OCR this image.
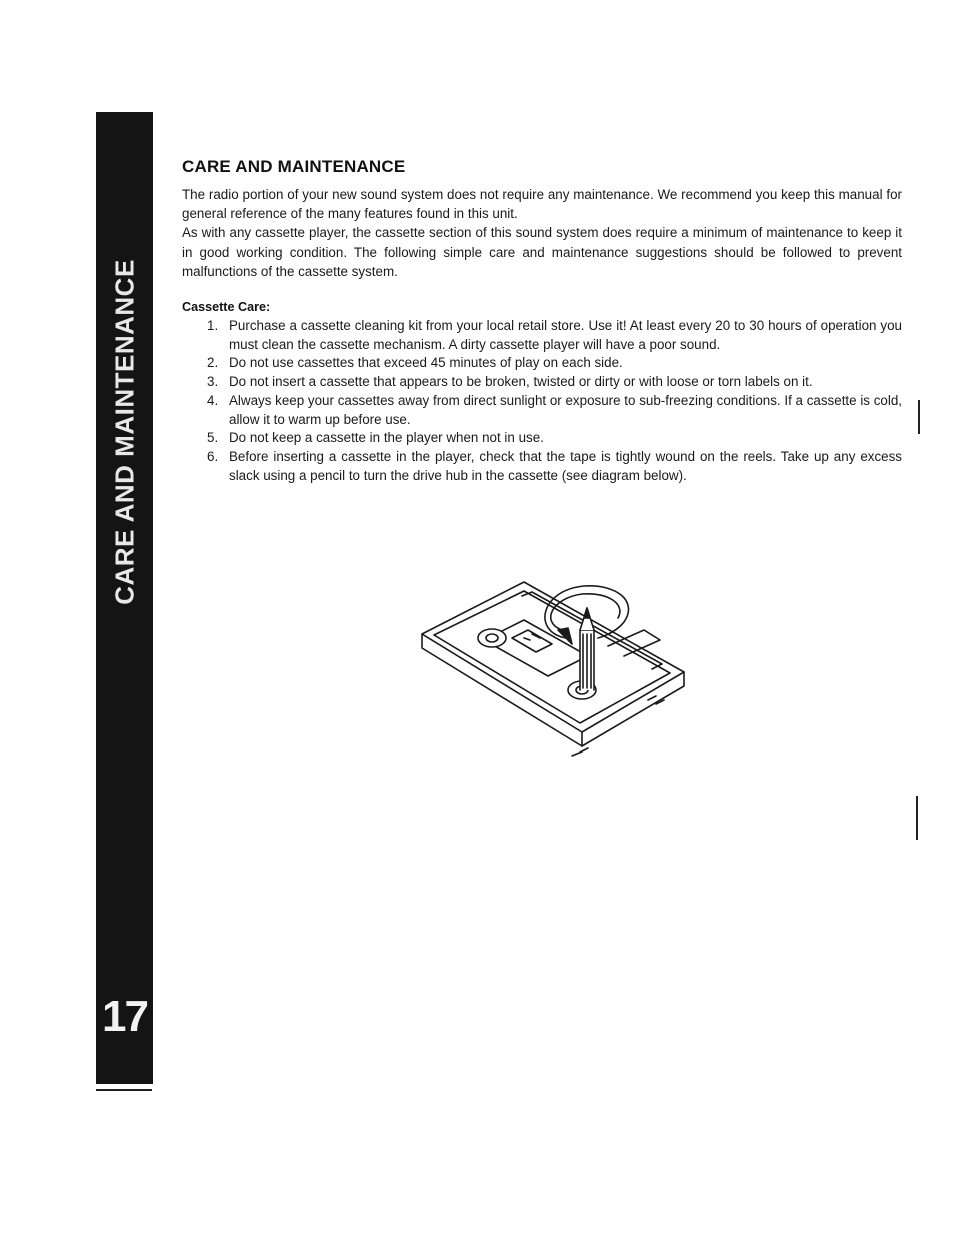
CARE AND MAINTENANCE
17
CARE AND MAINTENANCE

The radio portion of your new sound system does not require any maintenance. We recommend you keep this manual for general reference of the many features found in this unit.

As with any cassette player, the cassette section of this sound system does require a minimum of maintenance to keep it in good working condition. The following simple care and maintenance suggestions should be followed to prevent malfunctions of the cassette system.

Cassette Care:
1. Purchase a cassette cleaning kit from your local retail store. Use it! At least every 20 to 30 hours of operation you must clean the cassette mechanism. A dirty cassette player will have a poor sound.
2. Do not use cassettes that exceed 45 minutes of play on each side.
3. Do not insert a cassette that appears to be broken, twisted or dirty or with loose or torn labels on it.
4. Always keep your cassettes away from direct sunlight or exposure to sub-freezing conditions. If a cassette is cold, allow it to warm up before use.
5. Do not keep a cassette in the player when not in use.
6. Before inserting a cassette in the player, check that the tape is tightly wound on the reels. Take up any excess slack using a pencil to turn the drive hub in the cassette (see diagram below).
